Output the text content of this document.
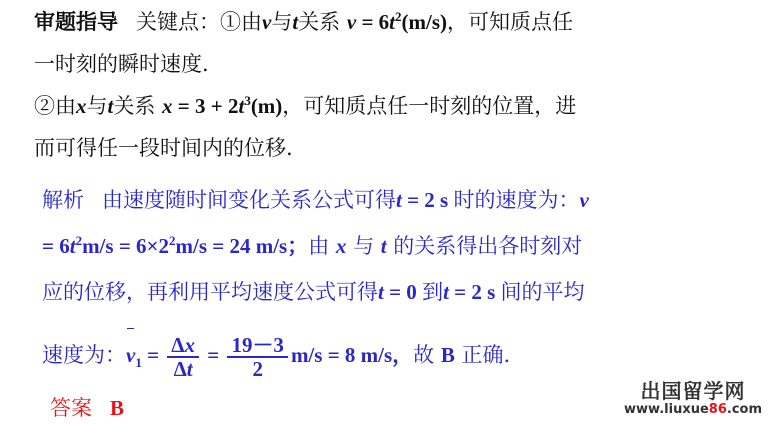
审题指导 关键点：①由v与t关系 $v = 6t^2(m/s)$，可知质点任
一时刻的瞬时速度.
②由x与t关系 $x = 3 + 2t^3(m)$，可知质点任一时刻的位置，进
而可得任一段时间内的位移.
解析 由速度随时间变化关系公式可得t = 2 s 时的速度为：v
= $6t^2m/s = 6\times 2^2m/s = 24$ m/s；由 x 与 t 的关系得出各时刻对
应的位移，再利用平均速度公式可得t = 0 到t = 2 s 间的平均
速度为：$v_1 = \frac{\Delta x}{\Delta t} = \frac{19-3}{2} m/s = 8$ m/s，故 B 正确.
答案 B
出国留学网
www.liuxue86.com
